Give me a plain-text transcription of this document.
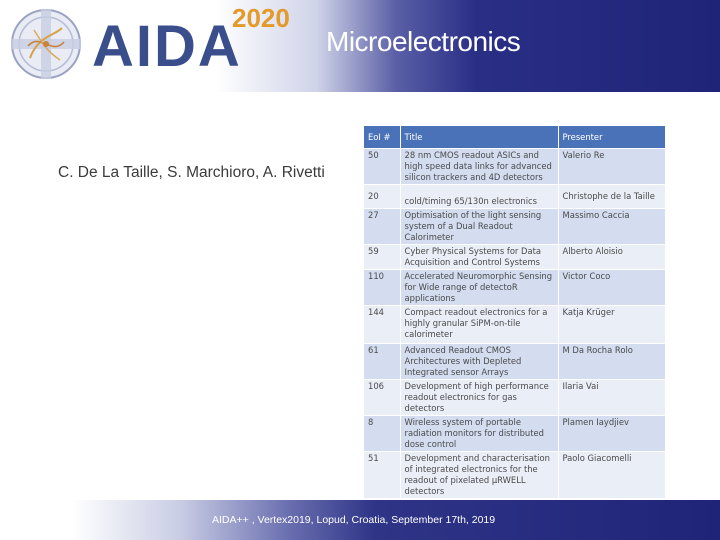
AIDA
2020
Microelectronics
C. De La Taille, S. Marchioro, A. Rivetti
EoI #	Title	Presenter
50	28 nm CMOS readout ASICs and high speed data links for advanced silicon trackers and 4D detectors	Valerio Re
20	cold/timing 65/130n electronics	Christophe de la Taille
27	Optimisation of the light sensing system of a Dual Readout Calorimeter	Massimo Caccia
59	Cyber Physical Systems for Data Acquisition and Control Systems	Alberto Aloisio
110	Accelerated Neuromorphic Sensing for Wide range of detectoR applications	Victor Coco
144	Compact readout electronics for a highly granular SiPM-on-tile calorimeter	Katja Krüger
61	Advanced Readout CMOS Architectures with Depleted Integrated sensor Arrays	M Da Rocha Rolo
106	Development of high performance readout electronics for gas detectors	Ilaria Vai
8	Wireless system of portable radiation monitors for distributed dose control	Plamen Iaydjiev
51	Development and characterisation of integrated electronics for the readout of pixelated µRWELL detectors	Paolo Giacomelli
AIDA++ , Vertex2019, Lopud, Croatia, September 17th, 2019
